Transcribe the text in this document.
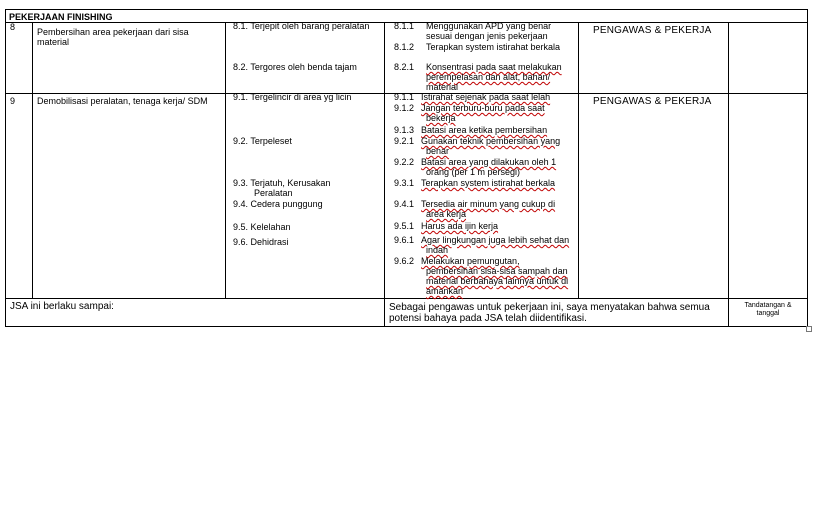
PEKERJAAN FINISHING
8 Pembersihan area pekerjaan dari sisa
material
8.1. Terjepit oleh barang peralatan
8.2. Tergores oleh benda tajam
8.1.1 Menggunakan APD yang benar
sesuai dengan jenis pekerjaan
8.1.2 Terapkan system istirahat berkala
8.2.1 Konsentrasi pada saat melakukan
perempelasan dan alat, bahan/
material
PENGAWAS & PEKERJA
9 Demobilisasi peralatan, tenaga kerja/ SDM	9.1. Tergelincir di area yg licin
9.2. Terpeleset
9.3. Terjatuh, Kerusakan
Peralatan
9.4. Cedera punggung
9.5. Kelelahan
9.6. Dehidrasi
9.1.1 Istirahat sejenak pada saat lelah
9.1.2 Jangan terburu-buru pada saat
bekerja
9.1.3 Batasi area ketika pembersihan
9.2.1 Gunakan teknik pembersihan yang
benar
9.2.2 Batasi area yang dilakukan oleh 1
orang (per 1 m persegi)
9.3.1 Terapkan system istirahat berkala
9.4.1 Tersedia air minum yang cukup di
area kerja
9.5.1 Harus ada ijin kerja
9.6.1 Agar lingkungan juga lebih sehat dan
indah
9.6.2 Melakukan pemungutan,
pembersihan sisa-sisa sampah dan
material berbahaya lainnya untuk di
amankan
PENGAWAS & PEKERJA
JSA ini berlaku sampai:	Sebagai pengawas untuk pekerjaan ini, saya menyatakan bahwa semua
potensi bahaya pada JSA telah diidentifikasi.
Tandatangan &
tanggal
